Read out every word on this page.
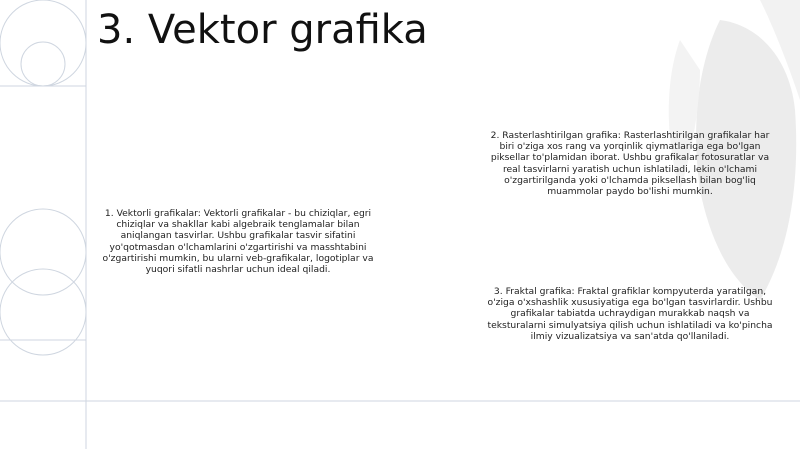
3. Vektor grafika
1. Vektorli grafikalar: Vektorli grafikalar - bu chiziqlar, egri chiziqlar va shakllar kabi algebraik tenglamalar bilan aniqlangan tasvirlar. Ushbu grafikalar tasvir sifatini yo'qotmasdan o'lchamlarini o'zgartirishi va masshtabini o'zgartirishi mumkin, bu ularni veb-grafikalar, logotiplar va yuqori sifatli nashrlar uchun ideal qiladi.
2. Rasterlashtirilgan grafika: Rasterlashtirilgan grafikalar har biri o'ziga xos rang va yorqinlik qiymatlariga ega bo'lgan piksellar to'plamidan iborat. Ushbu grafikalar fotosuratlar va real tasvirlarni yaratish uchun ishlatiladi, lekin o'lchami o'zgartirilganda yoki o'lchamda piksellash bilan bog'liq muammolar paydo bo'lishi mumkin.
3. Fraktal grafika: Fraktal grafiklar kompyuterda yaratilgan, o'ziga o'xshashlik xususiyatiga ega bo'lgan tasvirlardir. Ushbu grafikalar tabiatda uchraydigan murakkab naqsh va teksturalarni simulyatsiya qilish uchun ishlatiladi va ko'pincha ilmiy vizualizatsiya va san'atda qo'llaniladi.
